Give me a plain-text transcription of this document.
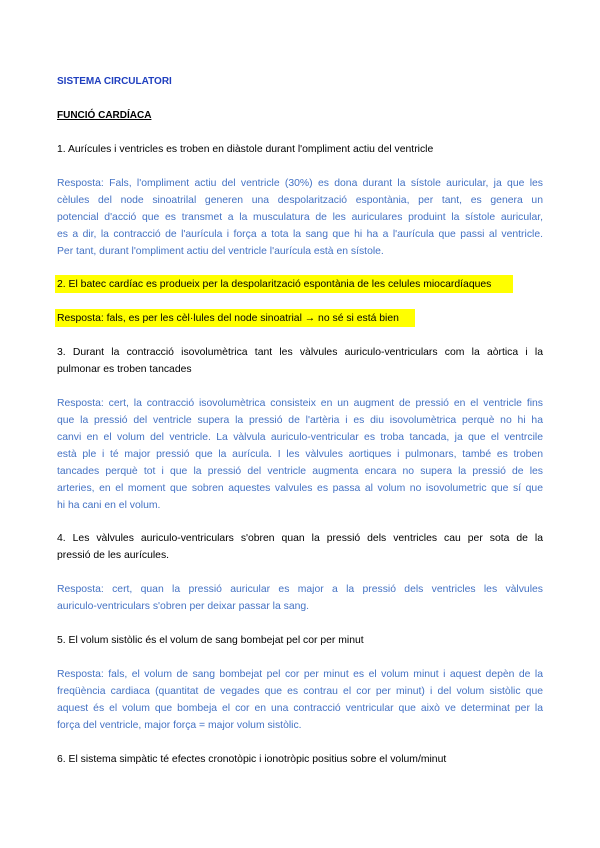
SISTEMA CIRCULATORI
FUNCIÓ CARDÍACA
1. Aurícules i ventricles es troben en diàstole durant l'ompliment actiu del ventricle
Resposta: Fals, l'ompliment actiu del ventricle (30%) es dona durant la sístole auricular, ja que les
cèlules del node sinoatrilal generen una despolarització espontània, per tant, es genera un
potencial d'acció que es transmet a la musculatura de les auriculares produint la sístole auricular,
es a dir, la contracció de l'aurícula i força a tota la sang que hi ha a l'aurícula que passi al ventricle.
Per tant, durant l'ompliment actiu del ventricle l'aurícula està en sístole.
2. El batec cardíac es produeix per la despolarització espontània de les celules miocardíaques
Resposta: fals, es per les cèl·lules del node sinoatrial → no sé si está bien
3. Durant la contracció isovolumètrica tant les vàlvules auriculo-ventriculars com la aòrtica i la
pulmonar es troben tancades
Resposta: cert, la contracció isovolumètrica consisteix en un augment de pressió en el ventricle fins
que la pressió del ventricle supera la pressió de l'artèria i es diu isovolumètrica perquè no hi ha
canvi en el volum del ventricle. La vàlvula auriculo-ventricular es troba tancada, ja que el ventrcile
està ple i té major pressió que la aurícula. I les vàlvules aortiques i pulmonars, també es troben
tancades perquè tot i que la pressió del ventricle augmenta encara no supera la pressió de les
arteries, en el moment que sobren aquestes valvules es passa al volum no isovolumetric que sí que
hi ha cani en el volum.
4. Les vàlvules auriculo-ventriculars s'obren quan la pressió dels ventricles cau per sota de la
pressió de les aurícules.
Resposta: cert, quan la pressió auricular es major a la pressió dels ventricles les vàlvules
auriculo-ventriculars s'obren per deixar passar la sang.
5. El volum sistòlic és el volum de sang bombejat pel cor per minut
Resposta: fals, el volum de sang bombejat pel cor per minut es el volum minut i aquest depèn de la
freqüència cardiaca (quantitat de vegades que es contrau el cor per minut) i del volum sistòlic que
aquest és el volum que bombeja el cor en una contracció ventricular que això ve determinat per la
força del ventricle, major força = major volum sistòlic.
6. El sistema simpàtic té efectes cronotòpic i ionotròpic positius sobre el volum/minut
